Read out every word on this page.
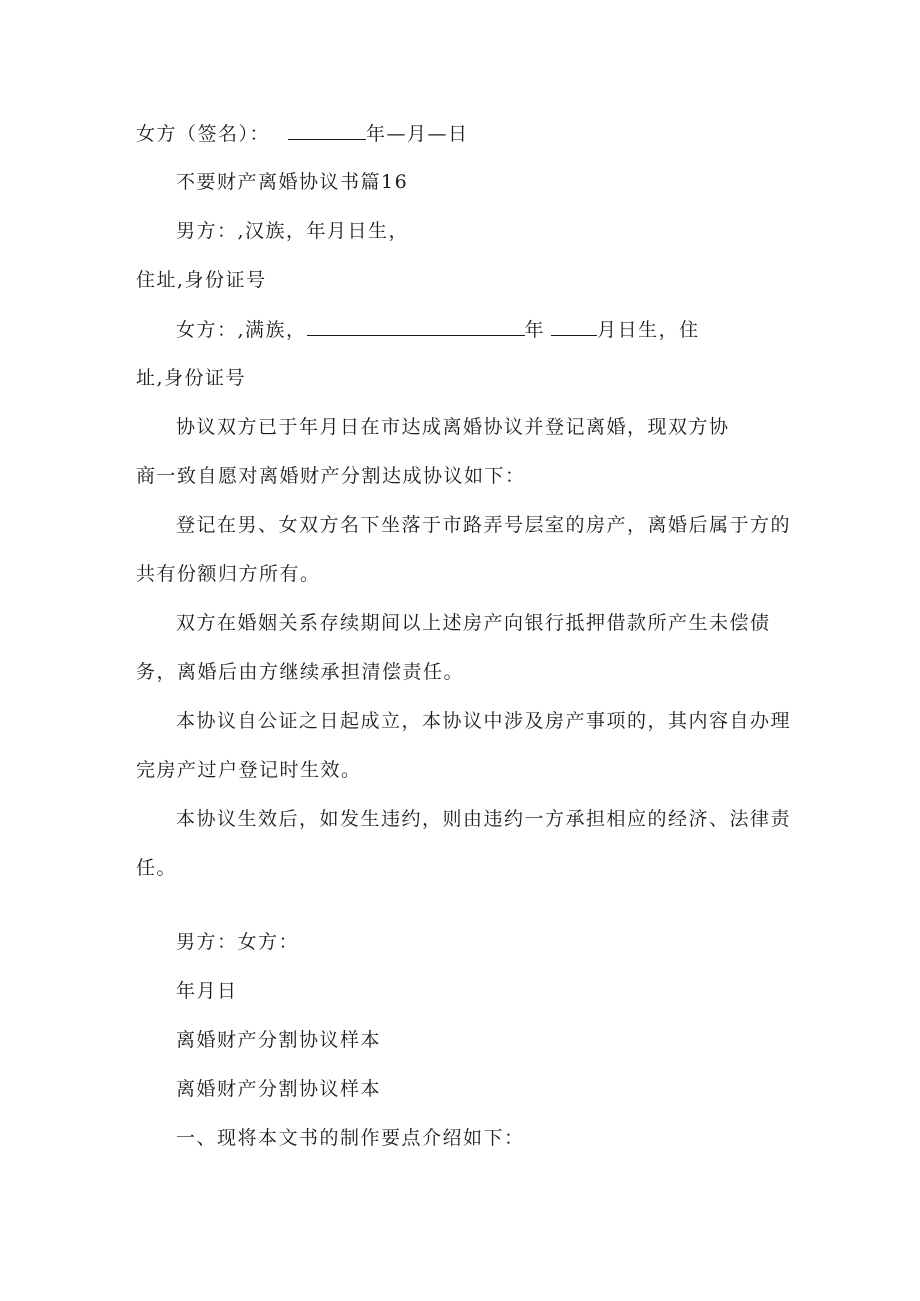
女方（签名）：	年—月—日
不要财产离婚协议书篇16
男方：,汉族，年月日生，
住址,身份证号
女方：,满族，	年	月日生，住
址,身份证号
协议双方已于年月日在市达成离婚协议并登记离婚，现双方协
商一致自愿对离婚财产分割达成协议如下：
登记在男、女双方名下坐落于市路弄号层室的房产，离婚后属于方的
共有份额归方所有。
双方在婚姻关系存续期间以上述房产向银行抵押借款所产生未偿债
务，离婚后由方继续承担清偿责任。
本协议自公证之日起成立，本协议中涉及房产事项的，其内容自办理
完房产过户登记时生效。
本协议生效后，如发生违约，则由违约一方承担相应的经济、法律责
任。
男方：女方：
年月日
离婚财产分割协议样本
离婚财产分割协议样本
一、现将本文书的制作要点介绍如下：
